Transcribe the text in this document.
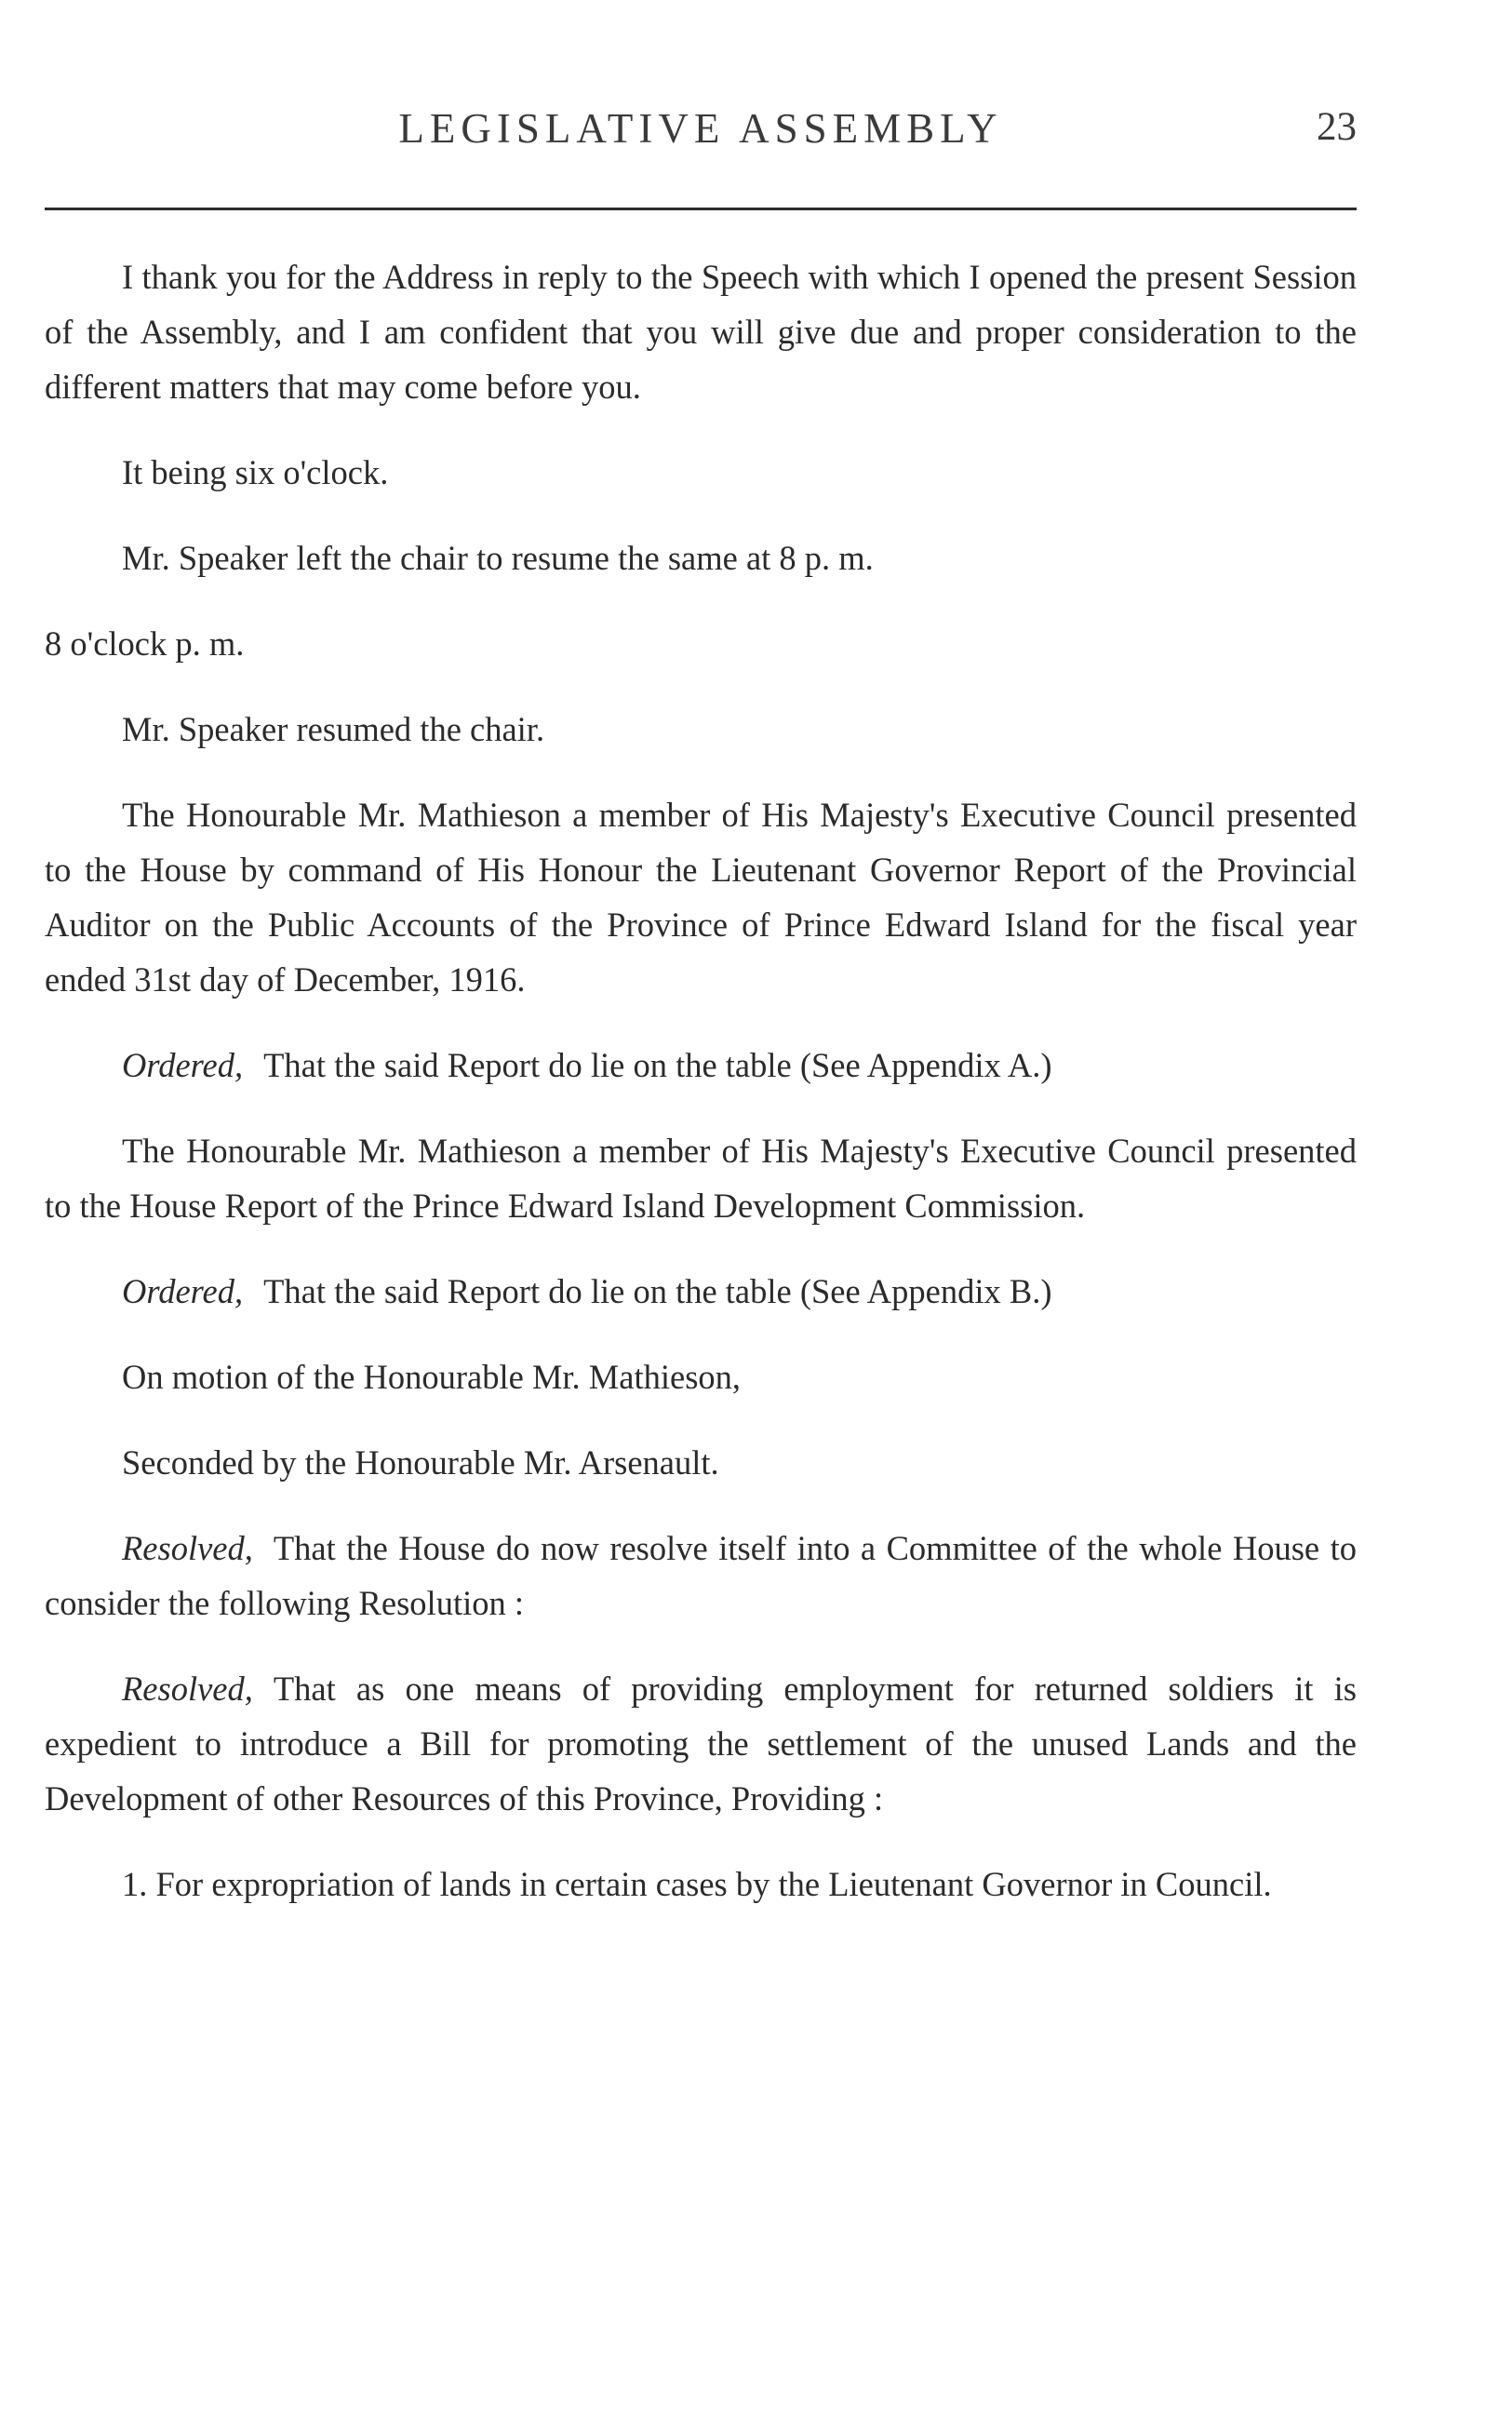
LEGISLATIVE ASSEMBLY	23

I thank you for the Address in reply to the Speech with which I opened the present Session of the Assembly, and I am confident that you will give due and proper consideration to the different matters that may come before you.

It being six o'clock.

Mr. Speaker left the chair to resume the same at 8 p. m.

8 o'clock p. m.

Mr. Speaker resumed the chair.

The Honourable Mr. Mathieson a member of His Majesty's Executive Council presented to the House by command of His Honour the Lieutenant Governor Report of the Provincial Auditor on the Public Accounts of the Province of Prince Edward Island for the fiscal year ended 31st day of December, 1916.

Ordered, That the said Report do lie on the table (See Appendix A.)

The Honourable Mr. Mathieson a member of His Majesty's Executive Council presented to the House Report of the Prince Edward Island Development Commission.

Ordered, That the said Report do lie on the table (See Appendix B.)

On motion of the Honourable Mr. Mathieson,

Seconded by the Honourable Mr. Arsenault.

Resolved, That the House do now resolve itself into a Committee of the whole House to consider the following Resolution :

Resolved, That as one means of providing employment for returned soldiers it is expedient to introduce a Bill for promoting the settlement of the unused Lands and the Development of other Resources of this Province, Providing :

1. For expropriation of lands in certain cases by the Lieutenant Governor in Council.
